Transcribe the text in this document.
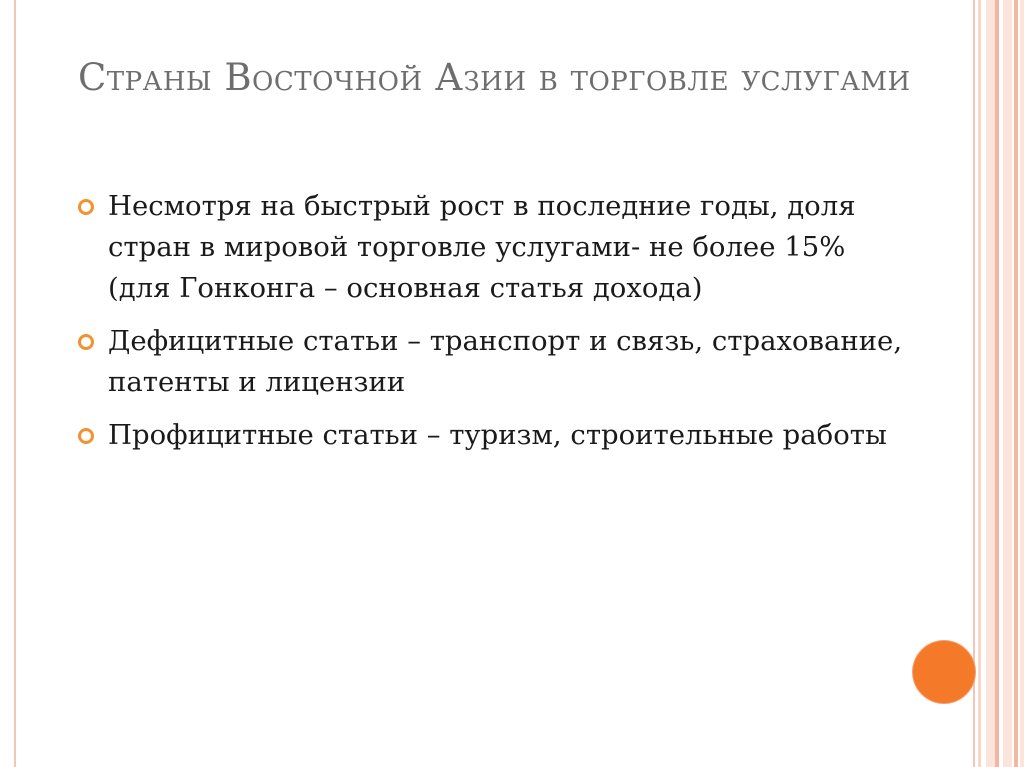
Страны Восточной Азии в торговле услугами
Несмотря на быстрый рост в последние годы, доля стран в мировой торговле услугами- не более 15% (для Гонконга – основная статья дохода)
Дефицитные статьи – транспорт и связь, страхование, патенты и лицензии
Профицитные статьи – туризм, строительные работы
